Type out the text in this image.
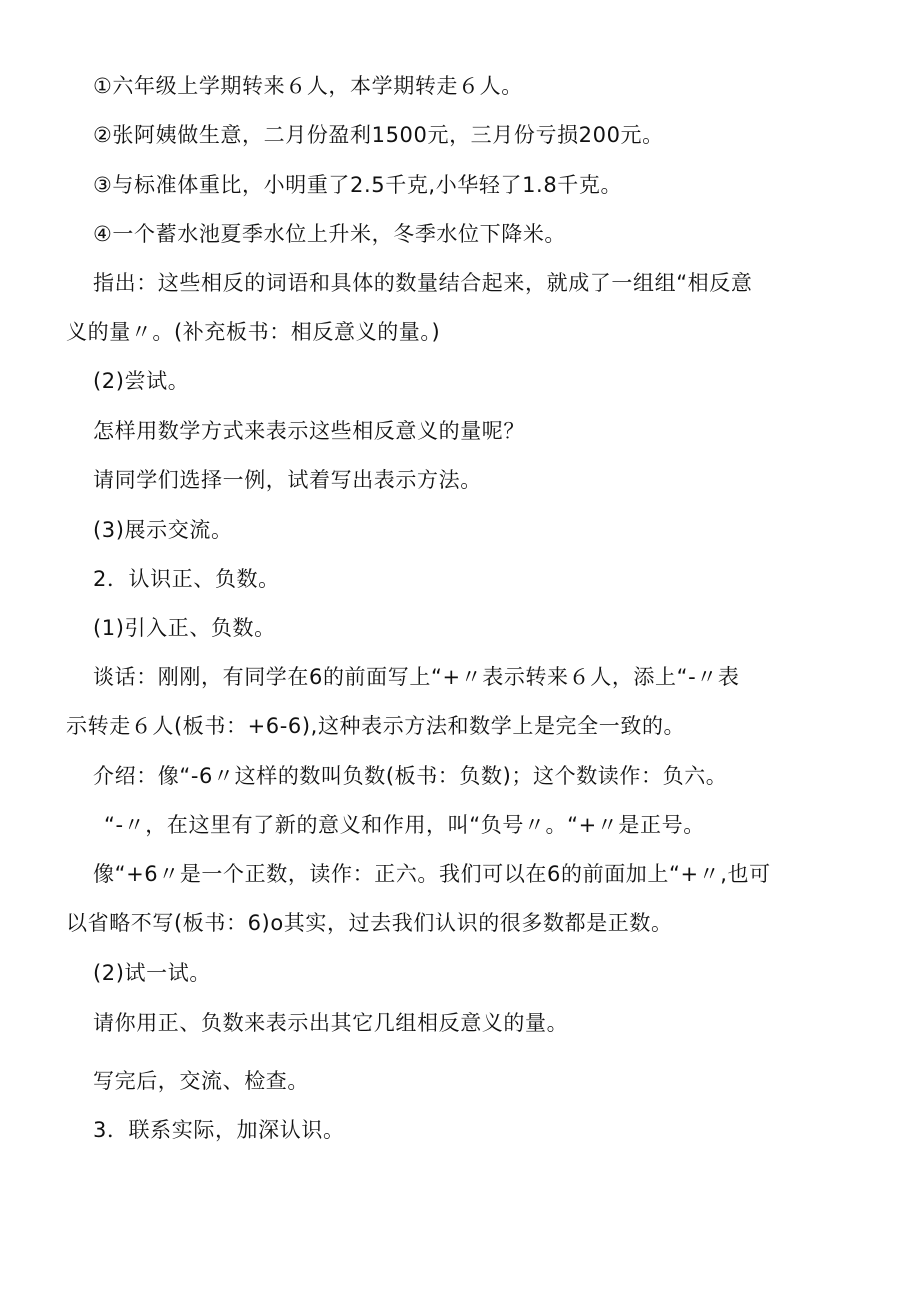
①六年级上学期转来６人，本学期转走６人。

②张阿姨做生意，二月份盈利1500元，三月份亏损200元。

③与标准体重比，小明重了2.5千克,小华轻了1.8千克。

④一个蓄水池夏季水位上升米，冬季水位下降米。

指出：这些相反的词语和具体的数量结合起来，就成了一组组“相反意

义的量〃。(补充板书：相反意义的量。)

(2)尝试。

怎样用数学方式来表示这些相反意义的量呢？

请同学们选择一例，试着写出表示方法。

(3)展示交流。

2．认识正、负数。

(1)引入正、负数。

谈话：刚刚，有同学在6的前面写上“+〃表示转来６人，添上“-〃表

示转走６人(板书：+6-6),这种表示方法和数学上是完全一致的。

介绍：像“-6〃这样的数叫负数(板书：负数)；这个数读作：负六。

“-〃，在这里有了新的意义和作用，叫“负号〃。“+〃是正号。

像“+6〃是一个正数，读作：正六。我们可以在6的前面加上“+〃,也可

以省略不写(板书：6)o其实，过去我们认识的很多数都是正数。

(2)试一试。

请你用正、负数来表示出其它几组相反意义的量。

写完后，交流、检查。

3．联系实际，加深认识。
